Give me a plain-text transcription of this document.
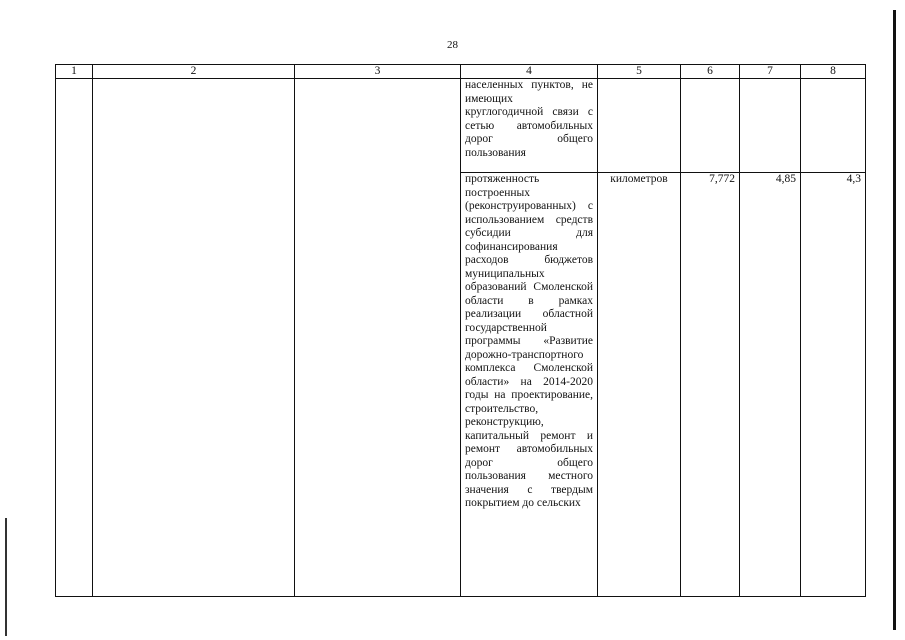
28
1	2	3	4	5	6	7	8

			населенных пунктов, не имеющих круглогодичной связи с сетью автомобильных дорог общего пользования				

			протяженность построенных (реконструированных) с использованием средств субсидии для софинансирования расходов бюджетов муниципальных образований Смоленской области в рамках реализации областной государственной программы «Развитие дорожно-транспортного комплекса Смоленской области» на 2014-2020 годы на проектирование, строительство, реконструкцию, капитальный ремонт и ремонт автомобильных дорог общего пользования местного значения с твердым покрытием до сельских	километров	7,772	4,85	4,3
